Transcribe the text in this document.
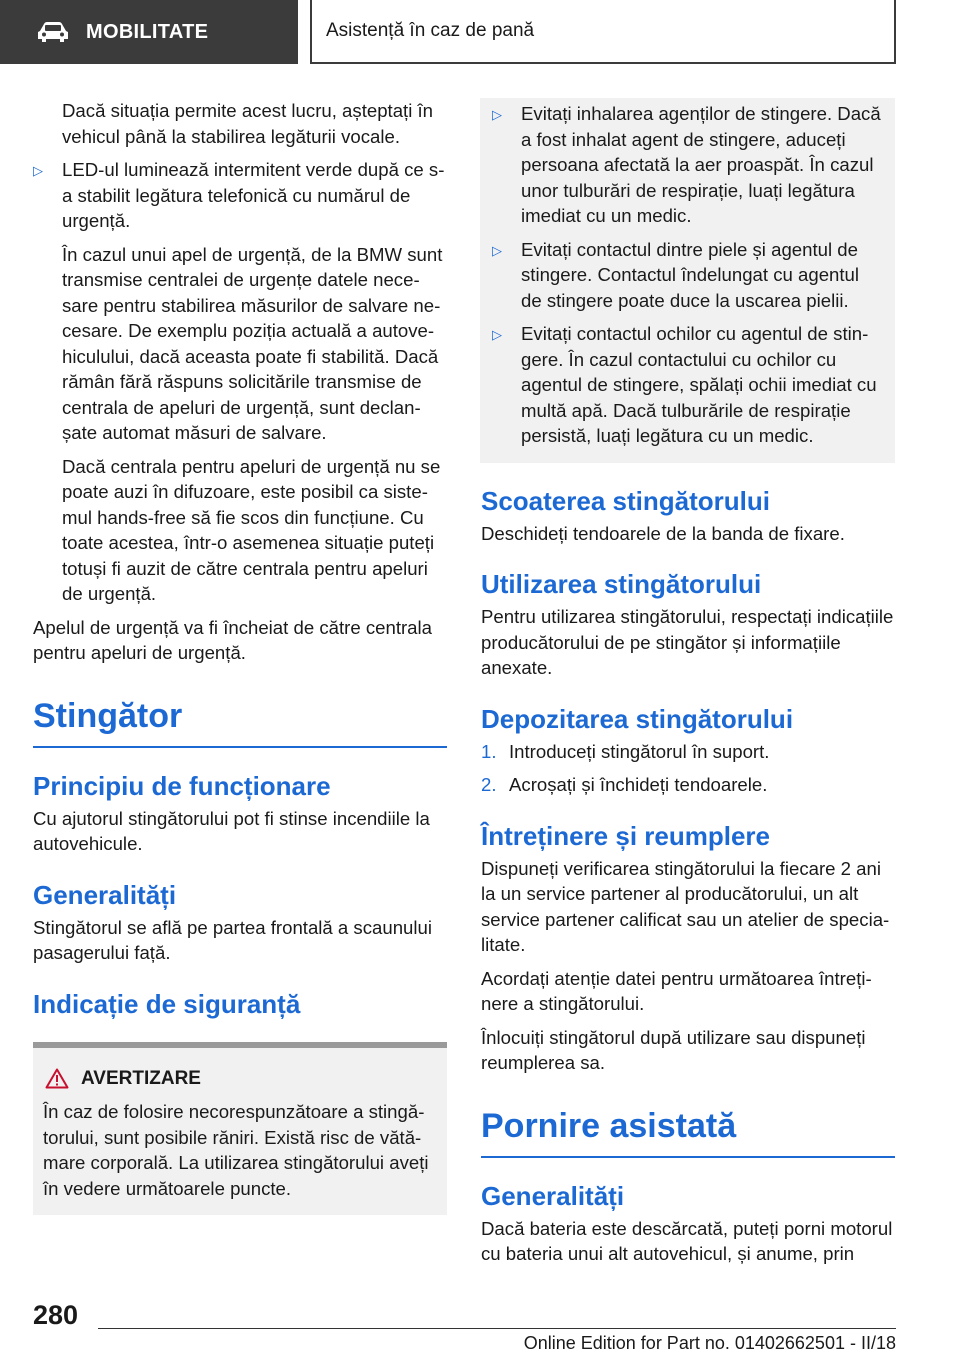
MOBILITATE	Asistență în caz de pană

Dacă situația permite acest lucru, așteptați în vehicul până la stabilirea legăturii vocale.

▷ LED-ul luminează intermitent verde după ce s-a stabilit legătura telefonică cu numărul de urgență.

În cazul unui apel de urgență, de la BMW sunt transmise centralei de urgențe datele necesare pentru stabilirea măsurilor de salvare necesare. De exemplu poziția actuală a autovehiculului, dacă aceasta poate fi stabilită. Dacă rămân fără răspuns solicitările transmise de centrala de apeluri de urgență, sunt declanșate automat măsuri de salvare.

Dacă centrala pentru apeluri de urgență nu se poate auzi în difuzoare, este posibil ca sistemul hands-free să fie scos din funcțiune. Cu toate acestea, într-o asemenea situație puteți totuși fi auzit de către centrala pentru apeluri de urgență.

Apelul de urgență va fi încheiat de către centrala pentru apeluri de urgență.

Stingător
Principiu de funcționare

Cu ajutorul stingătorului pot fi stinse incendiile la autovehicule.

Generalități

Stingătorul se află pe partea frontală a scaunului pasagerului față.

Indicație de siguranță
AVERTIZARE

În caz de folosire necorespunzătoare a stingătorului, sunt posibile răniri. Există risc de vătămare corporală. La utilizarea stingătorului aveți în vedere următoarele puncte.

▷ Evitați inhalarea agenților de stingere. Dacă a fost inhalat agent de stingere, aduceți persoana afectată la aer proaspăt. În cazul unor tulburări de respirație, luați legătura imediat cu un medic.
▷ Evitați contactul dintre piele și agentul de stingere. Contactul îndelungat cu agentul de stingere poate duce la uscarea pielii.
▷ Evitați contactul ochilor cu agentul de stingere. În cazul contactului cu ochilor cu agentul de stingere, spălați ochii imediat cu multă apă. Dacă tulburările de respirație persistă, luați legătura cu un medic.
Scoaterea stingătorului

Deschideți tendoarele de la banda de fixare.

Utilizarea stingătorului

Pentru utilizarea stingătorului, respectați indicațiile producătorului de pe stingător și informațiile anexate.

Depozitarea stingătorului
1. Introduceți stingătorul în suport.
2. Acroșați și închideți tendoarele.
Întreținere și reumplere

Dispuneți verificarea stingătorului la fiecare 2 ani la un service partener al producătorului, un alt service partener calificat sau un atelier de specialitate.

Acordați atenție datei pentru următoarea întreținere a stingătorului.

Înlocuiți stingătorul după utilizare sau dispuneți reumplerea sa.

Pornire asistată
Generalități

Dacă bateria este descărcată, puteți porni motorul cu bateria unui alt autovehicul, și anume, prin

280
Online Edition for Part no. 01402662501 - II/18
